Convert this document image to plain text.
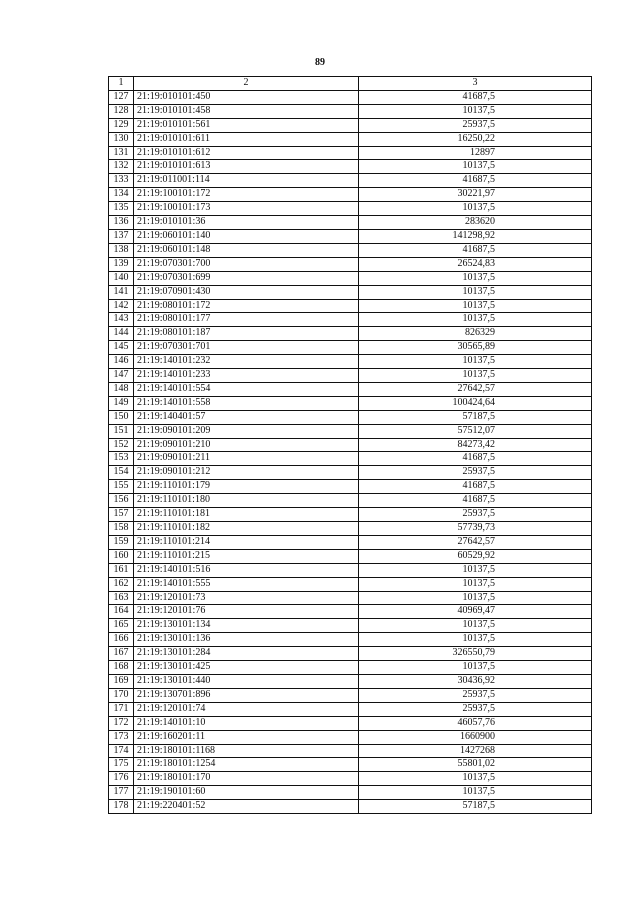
89
1	2	3
127	21:19:010101:450	41687,5
128	21:19:010101:458	10137,5
129	21:19:010101:561	25937,5
130	21:19:010101:611	16250,22
131	21:19:010101:612	12897
132	21:19:010101:613	10137,5
133	21:19:011001:114	41687,5
134	21:19:100101:172	30221,97
135	21:19:100101:173	10137,5
136	21:19:010101:36	283620
137	21:19:060101:140	141298,92
138	21:19:060101:148	41687,5
139	21:19:070301:700	26524,83
140	21:19:070301:699	10137,5
141	21:19:070901:430	10137,5
142	21:19:080101:172	10137,5
143	21:19:080101:177	10137,5
144	21:19:080101:187	826329
145	21:19:070301:701	30565,89
146	21:19:140101:232	10137,5
147	21:19:140101:233	10137,5
148	21:19:140101:554	27642,57
149	21:19:140101:558	100424,64
150	21:19:140401:57	57187,5
151	21:19:090101:209	57512,07
152	21:19:090101:210	84273,42
153	21:19:090101:211	41687,5
154	21:19:090101:212	25937,5
155	21:19:110101:179	41687,5
156	21:19:110101:180	41687,5
157	21:19:110101:181	25937,5
158	21:19:110101:182	57739,73
159	21:19:110101:214	27642,57
160	21:19:110101:215	60529,92
161	21:19:140101:516	10137,5
162	21:19:140101:555	10137,5
163	21:19:120101:73	10137,5
164	21:19:120101:76	40969,47
165	21:19:130101:134	10137,5
166	21:19:130101:136	10137,5
167	21:19:130101:284	326550,79
168	21:19:130101:425	10137,5
169	21:19:130101:440	30436,92
170	21:19:130701:896	25937,5
171	21:19:120101:74	25937,5
172	21:19:140101:10	46057,76
173	21:19:160201:11	1660900
174	21:19:180101:1168	1427268
175	21:19:180101:1254	55801,02
176	21:19:180101:170	10137,5
177	21:19:190101:60	10137,5
178	21:19:220401:52	57187,5
